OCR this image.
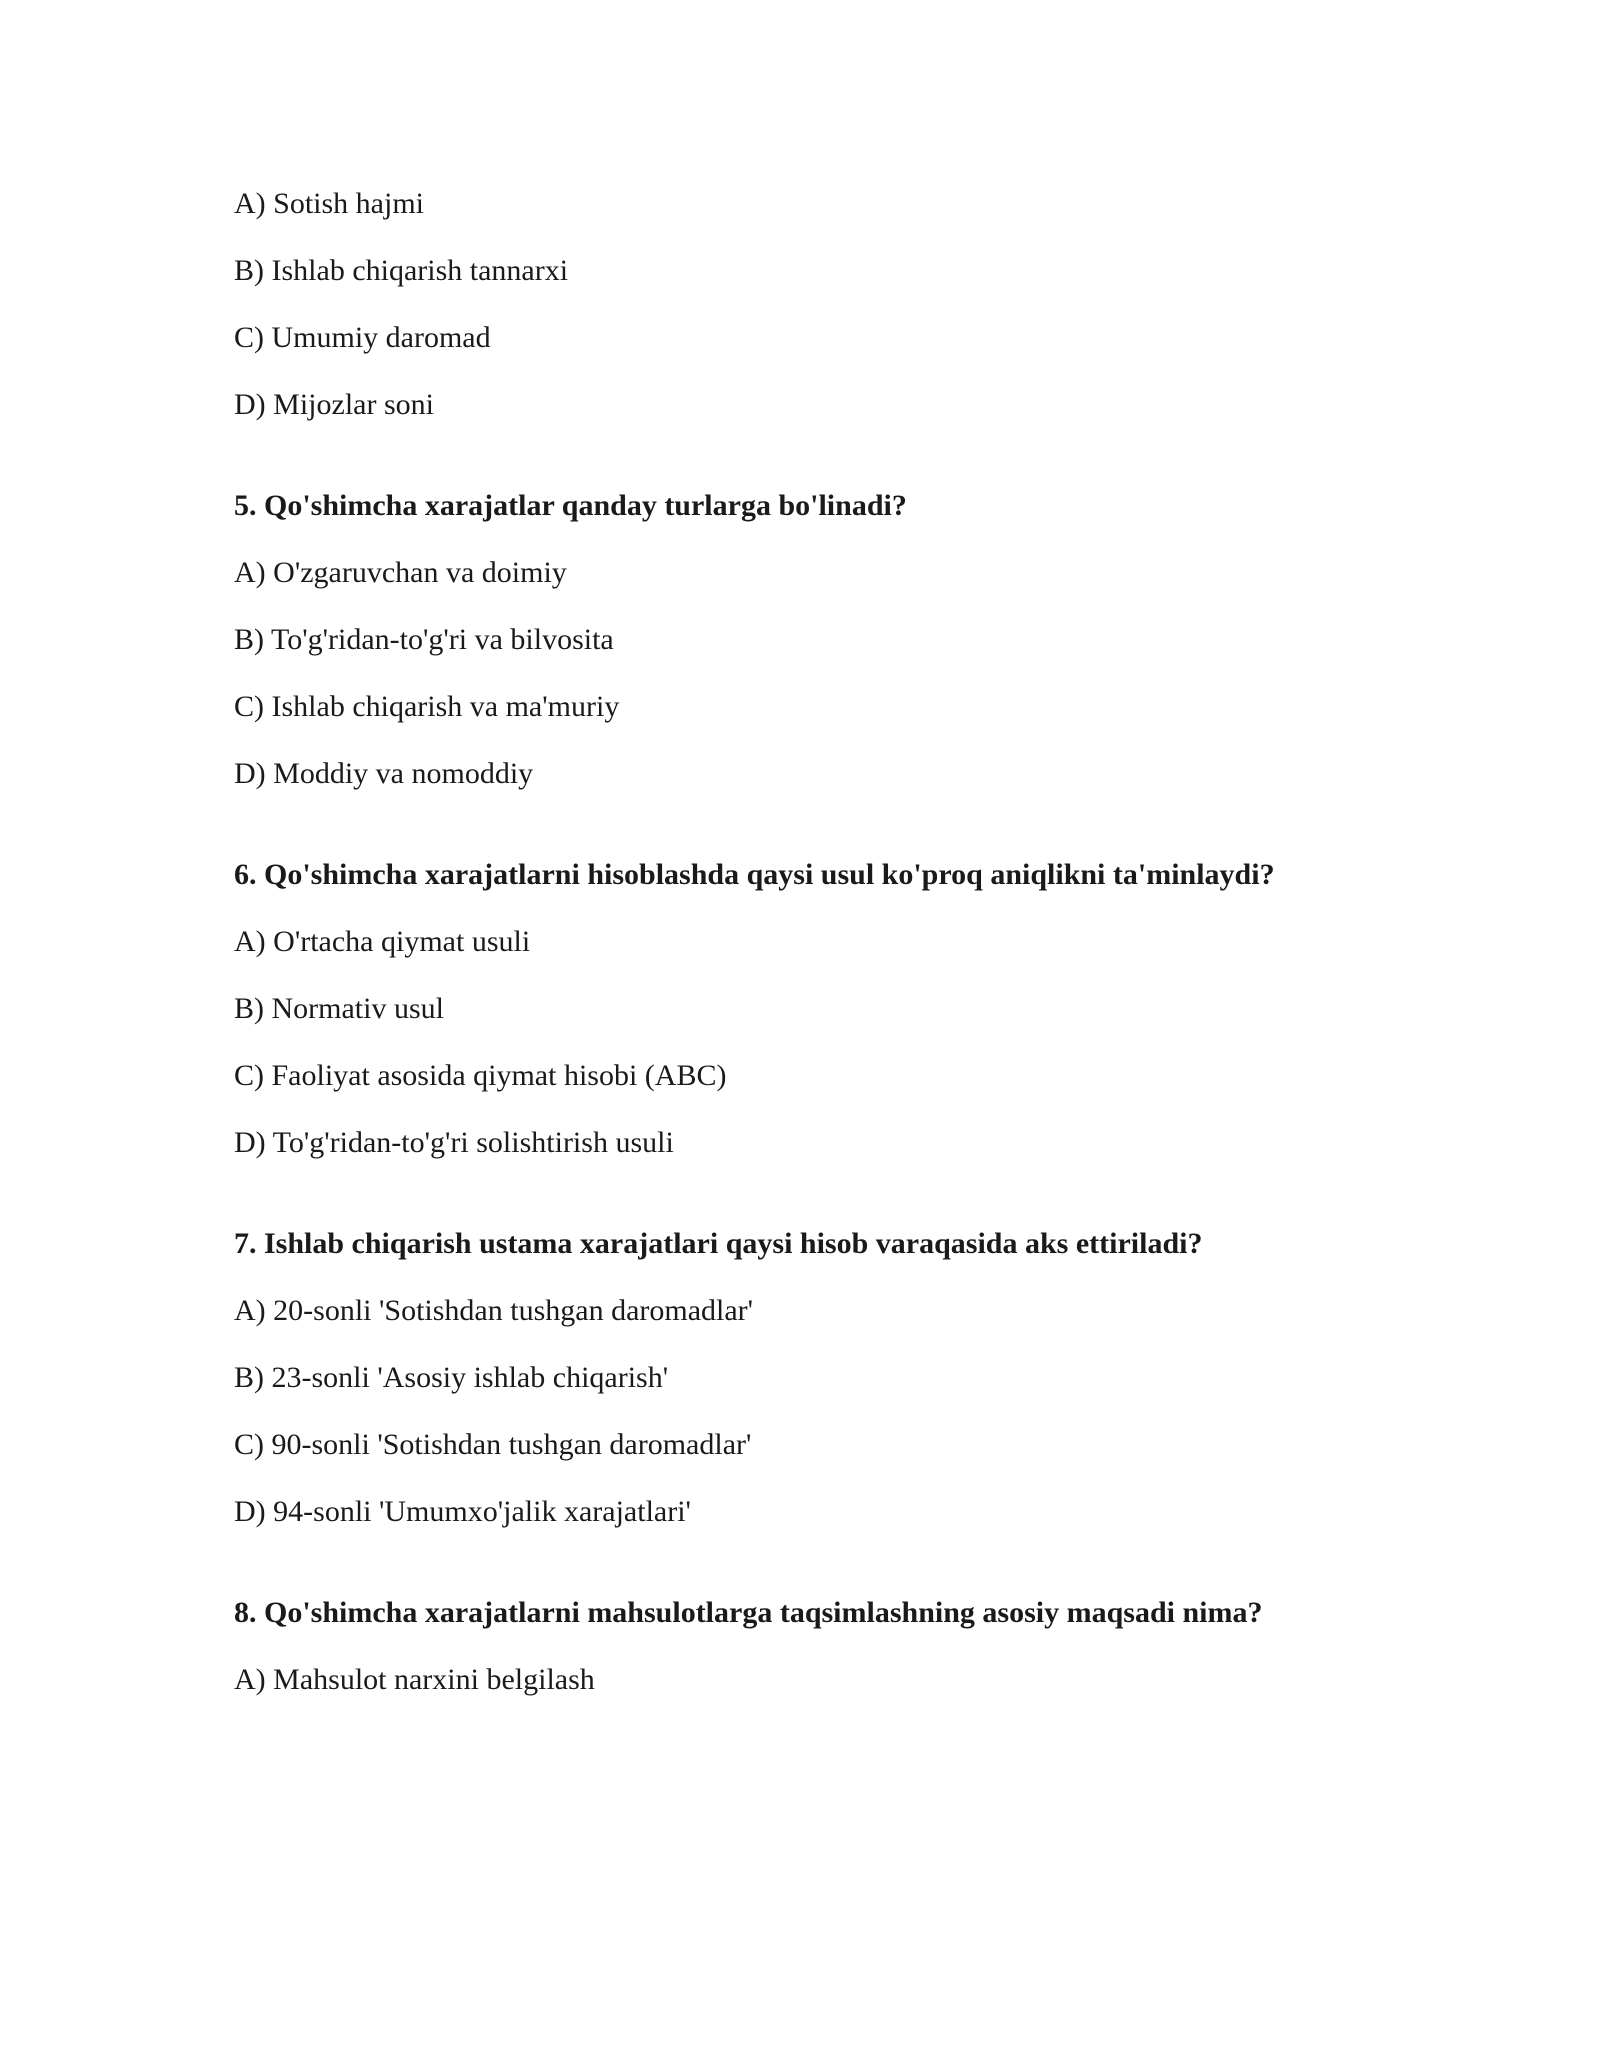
A) Sotish hajmi
B) Ishlab chiqarish tannarxi
C) Umumiy daromad
D) Mijozlar soni
5. Qo'shimcha xarajatlar qanday turlarga bo'linadi?
A) O'zgaruvchan va doimiy
B) To'g'ridan-to'g'ri va bilvosita
C) Ishlab chiqarish va ma'muriy
D) Moddiy va nomoddiy
6. Qo'shimcha xarajatlarni hisoblashda qaysi usul ko'proq aniqlikni ta'minlaydi?
A) O'rtacha qiymat usuli
B) Normativ usul
C) Faoliyat asosida qiymat hisobi (ABC)
D) To'g'ridan-to'g'ri solishtirish usuli
7. Ishlab chiqarish ustama xarajatlari qaysi hisob varaqasida aks ettiriladi?
A) 20-sonli 'Sotishdan tushgan daromadlar'
B) 23-sonli 'Asosiy ishlab chiqarish'
C) 90-sonli 'Sotishdan tushgan daromadlar'
D) 94-sonli 'Umumxo'jalik xarajatlari'
8. Qo'shimcha xarajatlarni mahsulotlarga taqsimlashning asosiy maqsadi nima?
A) Mahsulot narxini belgilash
